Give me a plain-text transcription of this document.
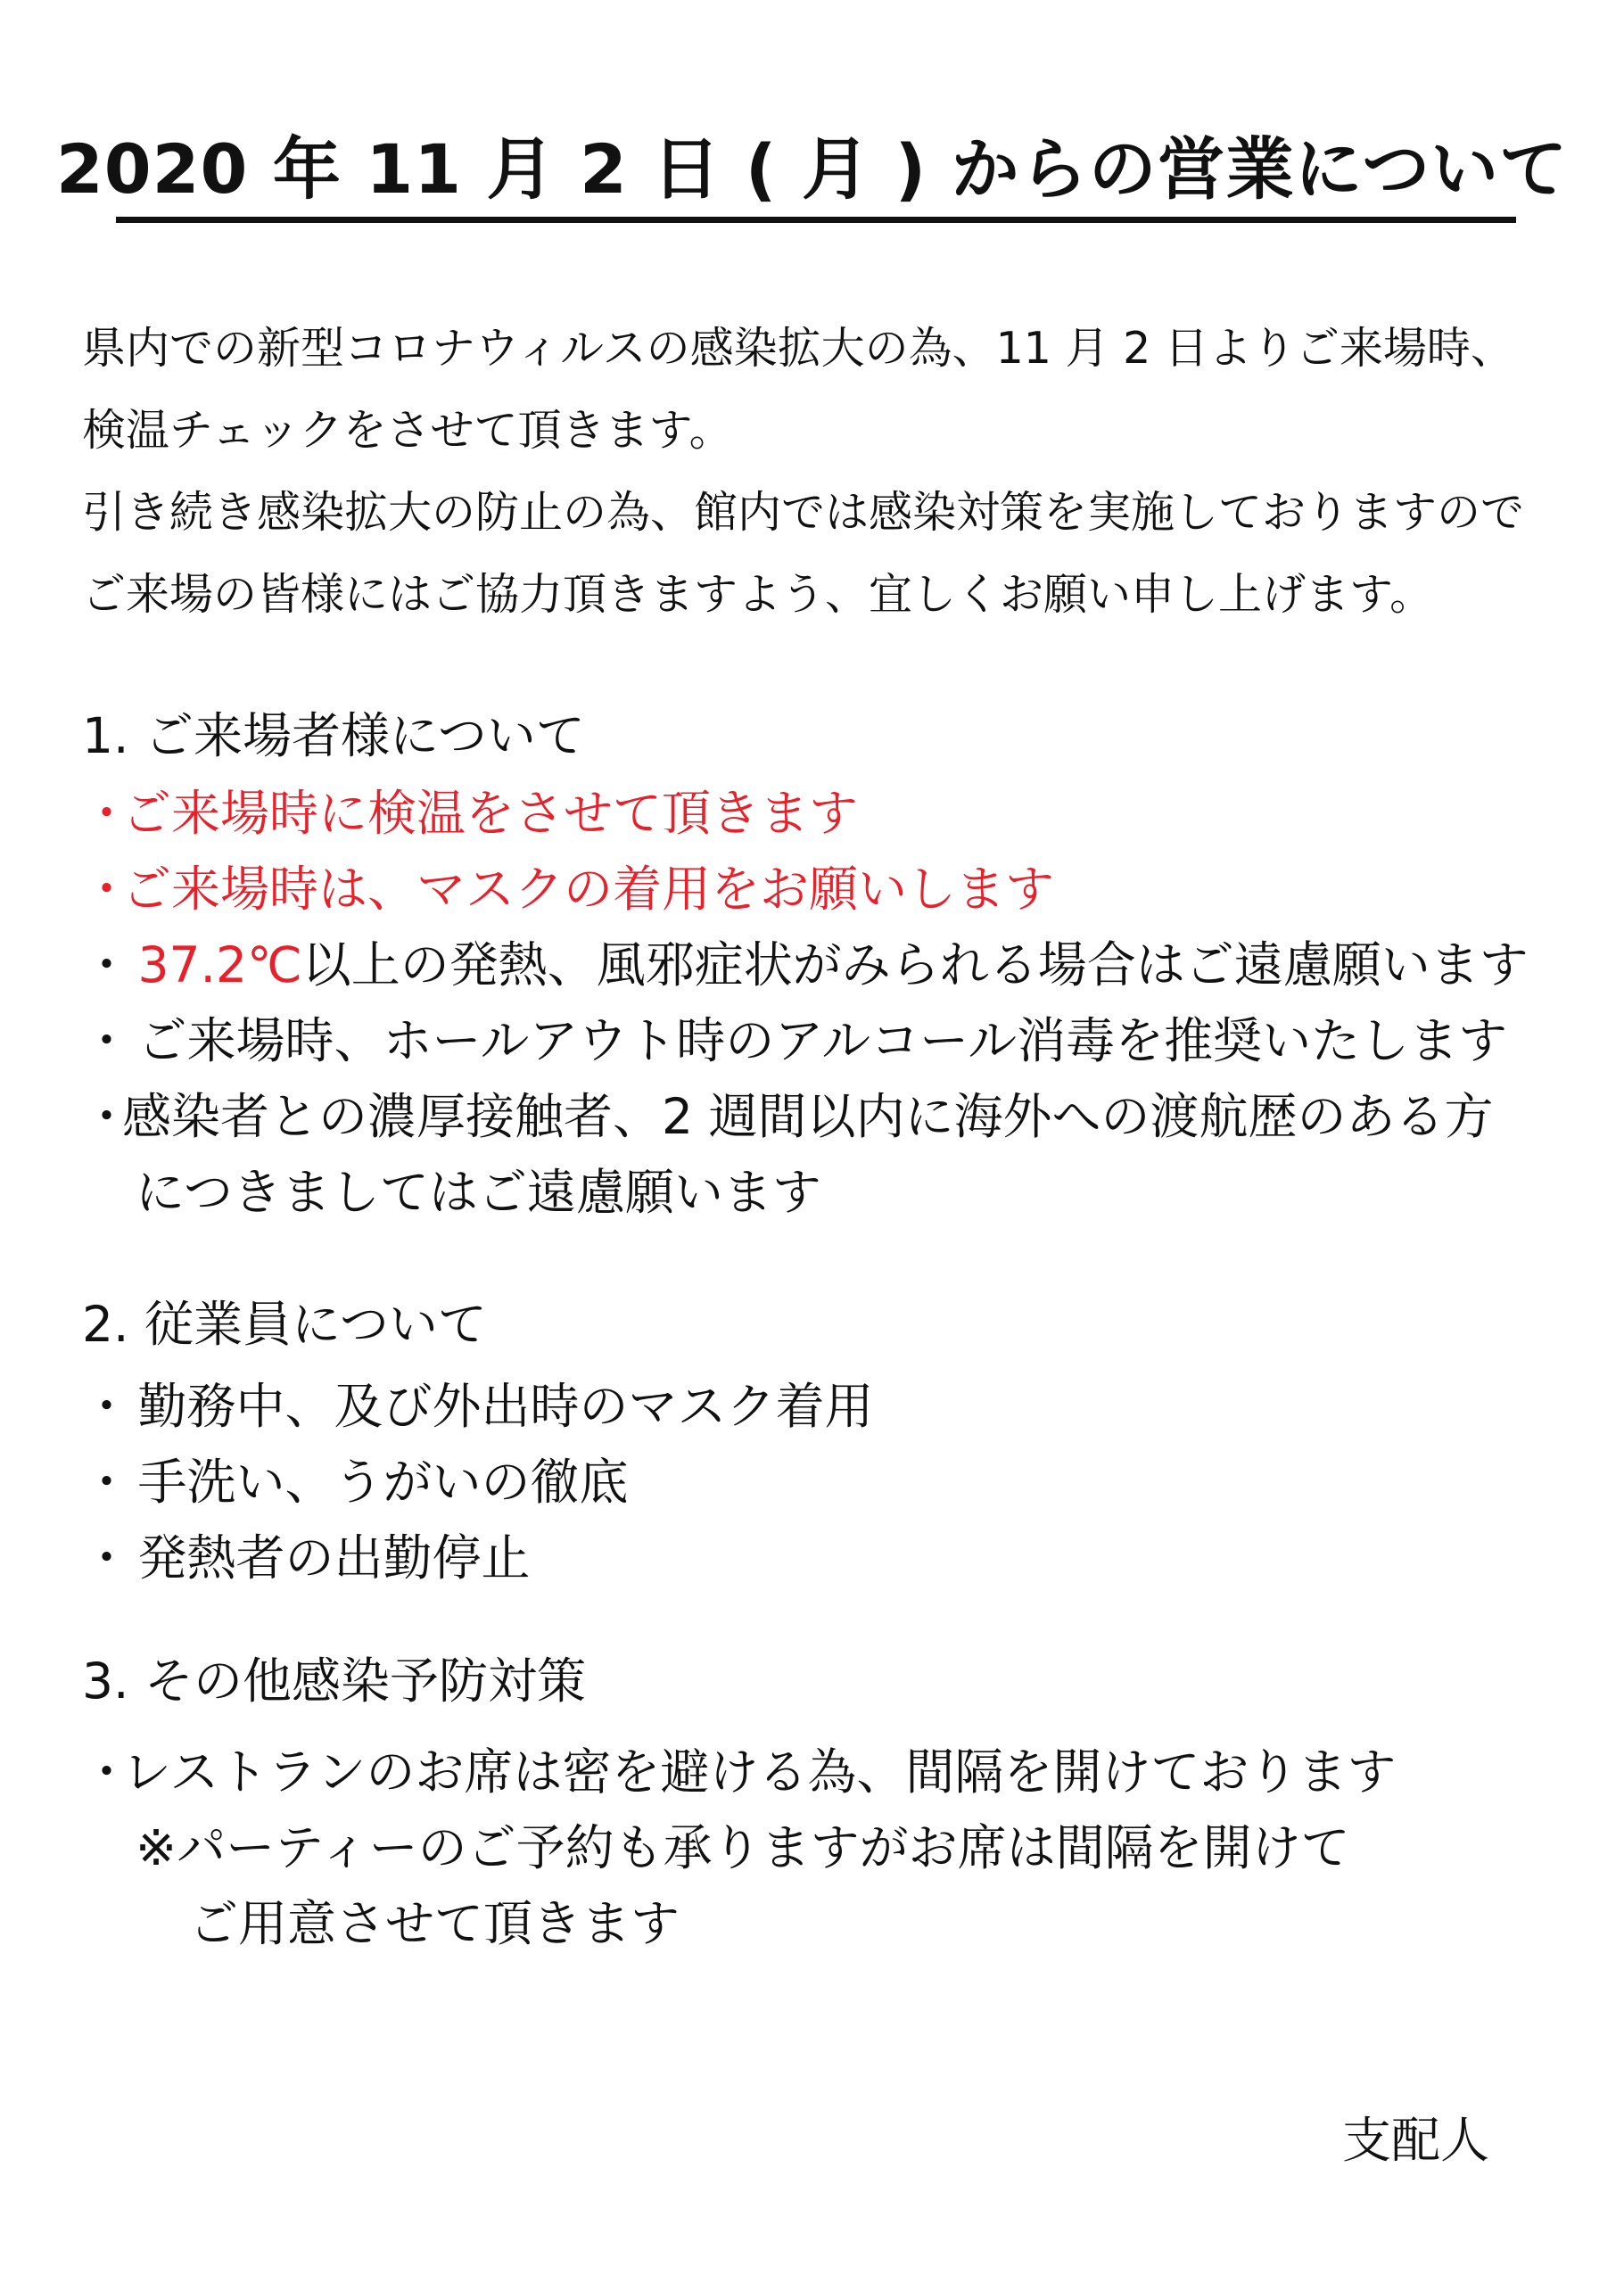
2020 年 11 月 2 日 ( 月 ) からの営業について

県内での新型コロナウィルスの感染拡大の為、11 月 2 日よりご来場時、

検温チェックをさせて頂きます。

引き続き感染拡大の防止の為、館内では感染対策を実施しておりますので

ご来場の皆様にはご協力頂きますよう、宜しくお願い申し上げます。

1. ご来場者様について

・ご来場時に検温をさせて頂きます

・ご来場時は、マスクの着用をお願いします

・ 37.2℃以上の発熱、風邪症状がみられる場合はご遠慮願います

・ ご来場時、ホールアウト時のアルコール消毒を推奨いたします

・感染者との濃厚接触者、2 週間以内に海外への渡航歴のある方

につきましてはご遠慮願います

2. 従業員について

・ 勤務中、及び外出時のマスク着用

・ 手洗い、うがいの徹底

・ 発熱者の出勤停止

3. その他感染予防対策

・レストランのお席は密を避ける為、間隔を開けております

※パーティーのご予約も承りますがお席は間隔を開けて

ご用意させて頂きます

支配人
